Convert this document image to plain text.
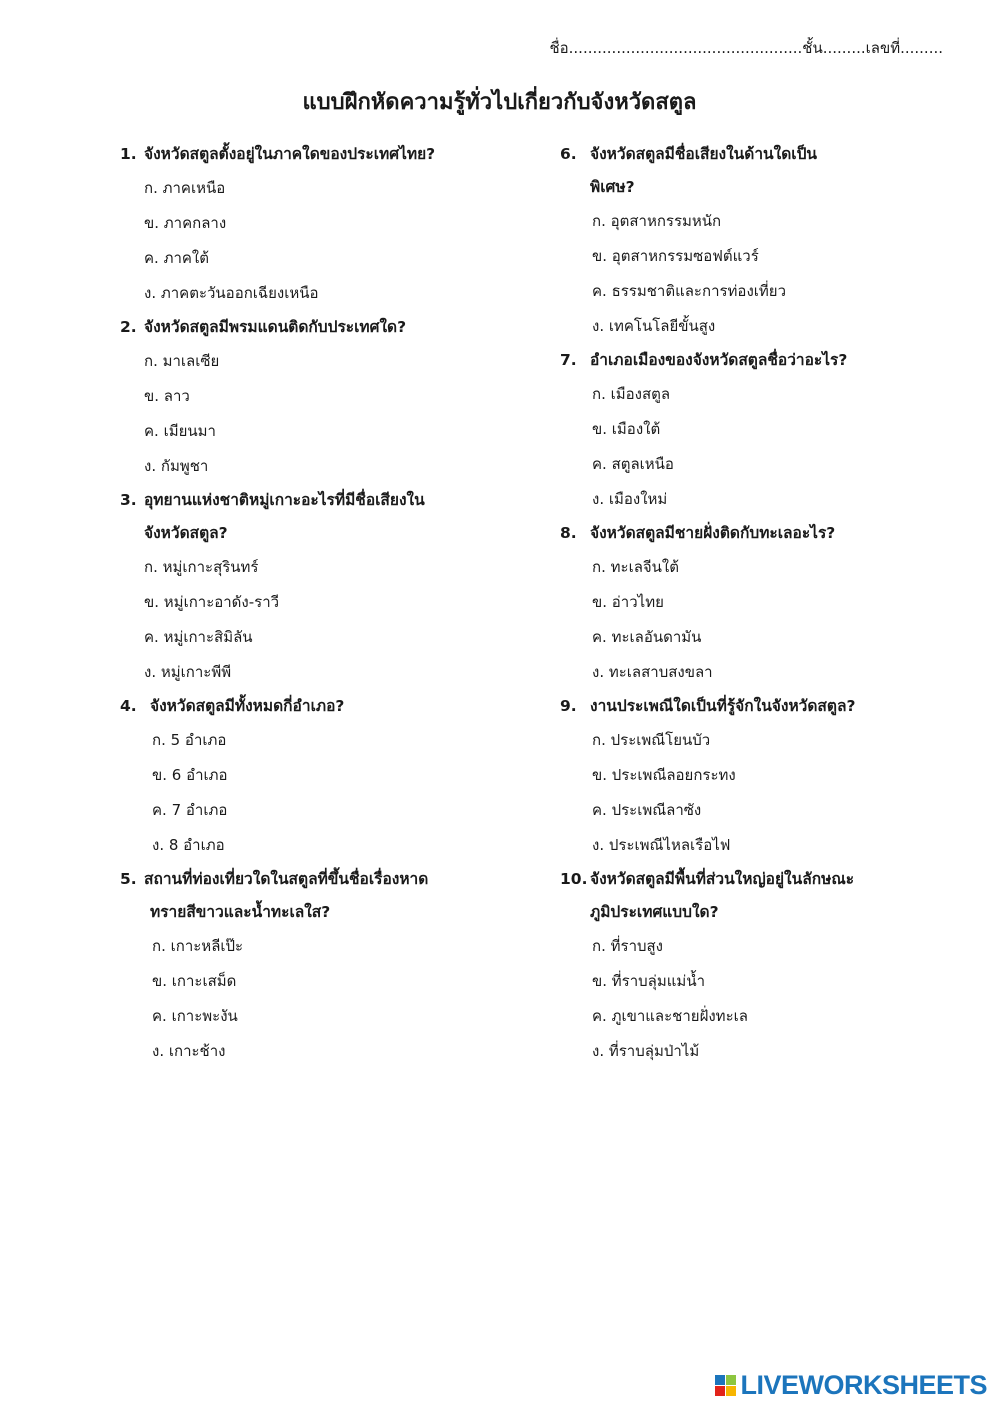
ชื่อ.................................................ชั้น.........เลขที่.........
แบบฝึกหัดความรู้ทั่วไปเกี่ยวกับจังหวัดสตูล
1. จังหวัดสตูลตั้งอยู่ในภาคใดของประเทศไทย?
ก. ภาคเหนือ
ข. ภาคกลาง
ค. ภาคใต้
ง. ภาคตะวันออกเฉียงเหนือ
2. จังหวัดสตูลมีพรมแดนติดกับประเทศใด?
ก. มาเลเซีย
ข. ลาว
ค. เมียนมา
ง. กัมพูชา
3. อุทยานแห่งชาติหมู่เกาะอะไรที่มีชื่อเสียงใน
จังหวัดสตูล?
ก. หมู่เกาะสุรินทร์
ข. หมู่เกาะอาดัง-ราวี
ค. หมู่เกาะสิมิลัน
ง. หมู่เกาะพีพี
4. จังหวัดสตูลมีทั้งหมดกี่อำเภอ?
ก. 5 อำเภอ
ข. 6 อำเภอ
ค. 7 อำเภอ
ง. 8 อำเภอ
5. สถานที่ท่องเที่ยวใดในสตูลที่ขึ้นชื่อเรื่องหาด
ทรายสีขาวและน้ำทะเลใส?
ก. เกาะหลีเป๊ะ
ข. เกาะเสม็ด
ค. เกาะพะงัน
ง. เกาะช้าง
6. จังหวัดสตูลมีชื่อเสียงในด้านใดเป็น
พิเศษ?
ก. อุตสาหกรรมหนัก
ข. อุตสาหกรรมซอฟต์แวร์
ค. ธรรมชาติและการท่องเที่ยว
ง. เทคโนโลยีขั้นสูง
7. อำเภอเมืองของจังหวัดสตูลชื่อว่าอะไร?
ก. เมืองสตูล
ข. เมืองใต้
ค. สตูลเหนือ
ง. เมืองใหม่
8. จังหวัดสตูลมีชายฝั่งติดกับทะเลอะไร?
ก. ทะเลจีนใต้
ข. อ่าวไทย
ค. ทะเลอันดามัน
ง. ทะเลสาบสงขลา
9. งานประเพณีใดเป็นที่รู้จักในจังหวัดสตูล?
ก. ประเพณีโยนบัว
ข. ประเพณีลอยกระทง
ค. ประเพณีลาซัง
ง. ประเพณีไหลเรือไฟ
10. จังหวัดสตูลมีพื้นที่ส่วนใหญ่อยู่ในลักษณะ
ภูมิประเทศแบบใด?
ก. ที่ราบสูง
ข. ที่ราบลุ่มแม่น้ำ
ค. ภูเขาและชายฝั่งทะเล
ง. ที่ราบลุ่มป่าไม้
LIVEWORKSHEETS
